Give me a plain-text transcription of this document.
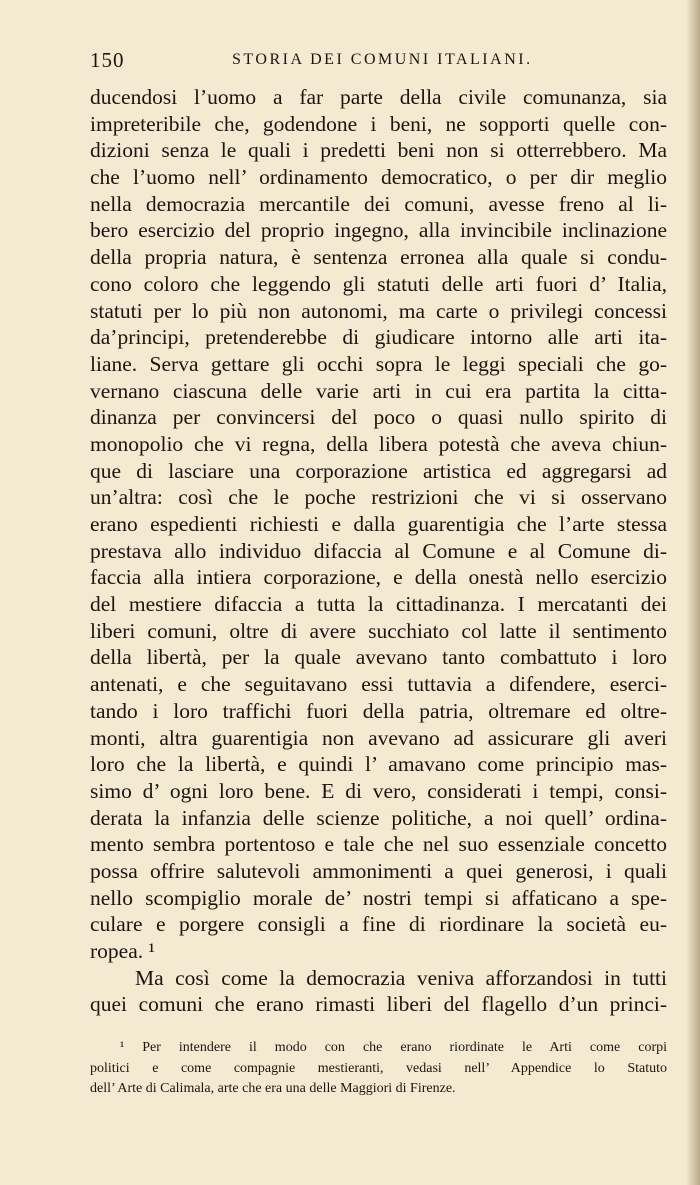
150	STORIA DEI COMUNI ITALIANI.
ducendosi l’uomo a far parte della civile comunanza, sia
impreteribile che, godendone i beni, ne sopporti quelle con-
dizioni senza le quali i predetti beni non si otterrebbero. Ma
che l’uomo nell’ ordinamento democratico, o per dir meglio
nella democrazia mercantile dei comuni, avesse freno al li-
bero esercizio del proprio ingegno, alla invincibile inclinazione
della propria natura, è sentenza erronea alla quale si condu-
cono coloro che leggendo gli statuti delle arti fuori d’ Italia,
statuti per lo più non autonomi, ma carte o privilegi concessi
da’principi, pretenderebbe di giudicare intorno alle arti ita-
liane. Serva gettare gli occhi sopra le leggi speciali che go-
vernano ciascuna delle varie arti in cui era partita la citta-
dinanza per convincersi del poco o quasi nullo spirito di
monopolio che vi regna, della libera potestà che aveva chiun-
que di lasciare una corporazione artistica ed aggregarsi ad
un’altra: così che le poche restrizioni che vi si osservano
erano espedienti richiesti e dalla guarentigia che l’arte stessa
prestava allo individuo difaccia al Comune e al Comune di-
faccia alla intiera corporazione, e della onestà nello esercizio
del mestiere difaccia a tutta la cittadinanza. I mercatanti dei
liberi comuni, oltre di avere succhiato col latte il sentimento
della libertà, per la quale avevano tanto combattuto i loro
antenati, e che seguitavano essi tuttavia a difendere, eserci-
tando i loro traffichi fuori della patria, oltremare ed oltre-
monti, altra guarentigia non avevano ad assicurare gli averi
loro che la libertà, e quindi l’ amavano come principio mas-
simo d’ ogni loro bene. E di vero, considerati i tempi, consi-
derata la infanzia delle scienze politiche, a noi quell’ ordina-
mento sembra portentoso e tale che nel suo essenziale concetto
possa offrire salutevoli ammonimenti a quei generosi, i quali
nello scompiglio morale de’ nostri tempi si affaticano a spe-
culare e porgere consigli a fine di riordinare la società eu-
ropea. ¹
Ma così come la democrazia veniva afforzandosi in tutti
quei comuni che erano rimasti liberi del flagello d’un princi-
¹ Per intendere il modo con che erano riordinate le Arti come corpi
politici e come compagnie mestieranti, vedasi nell’ Appendice lo Statuto
dell’ Arte di Calimala, arte che era una delle Maggiori di Firenze.
